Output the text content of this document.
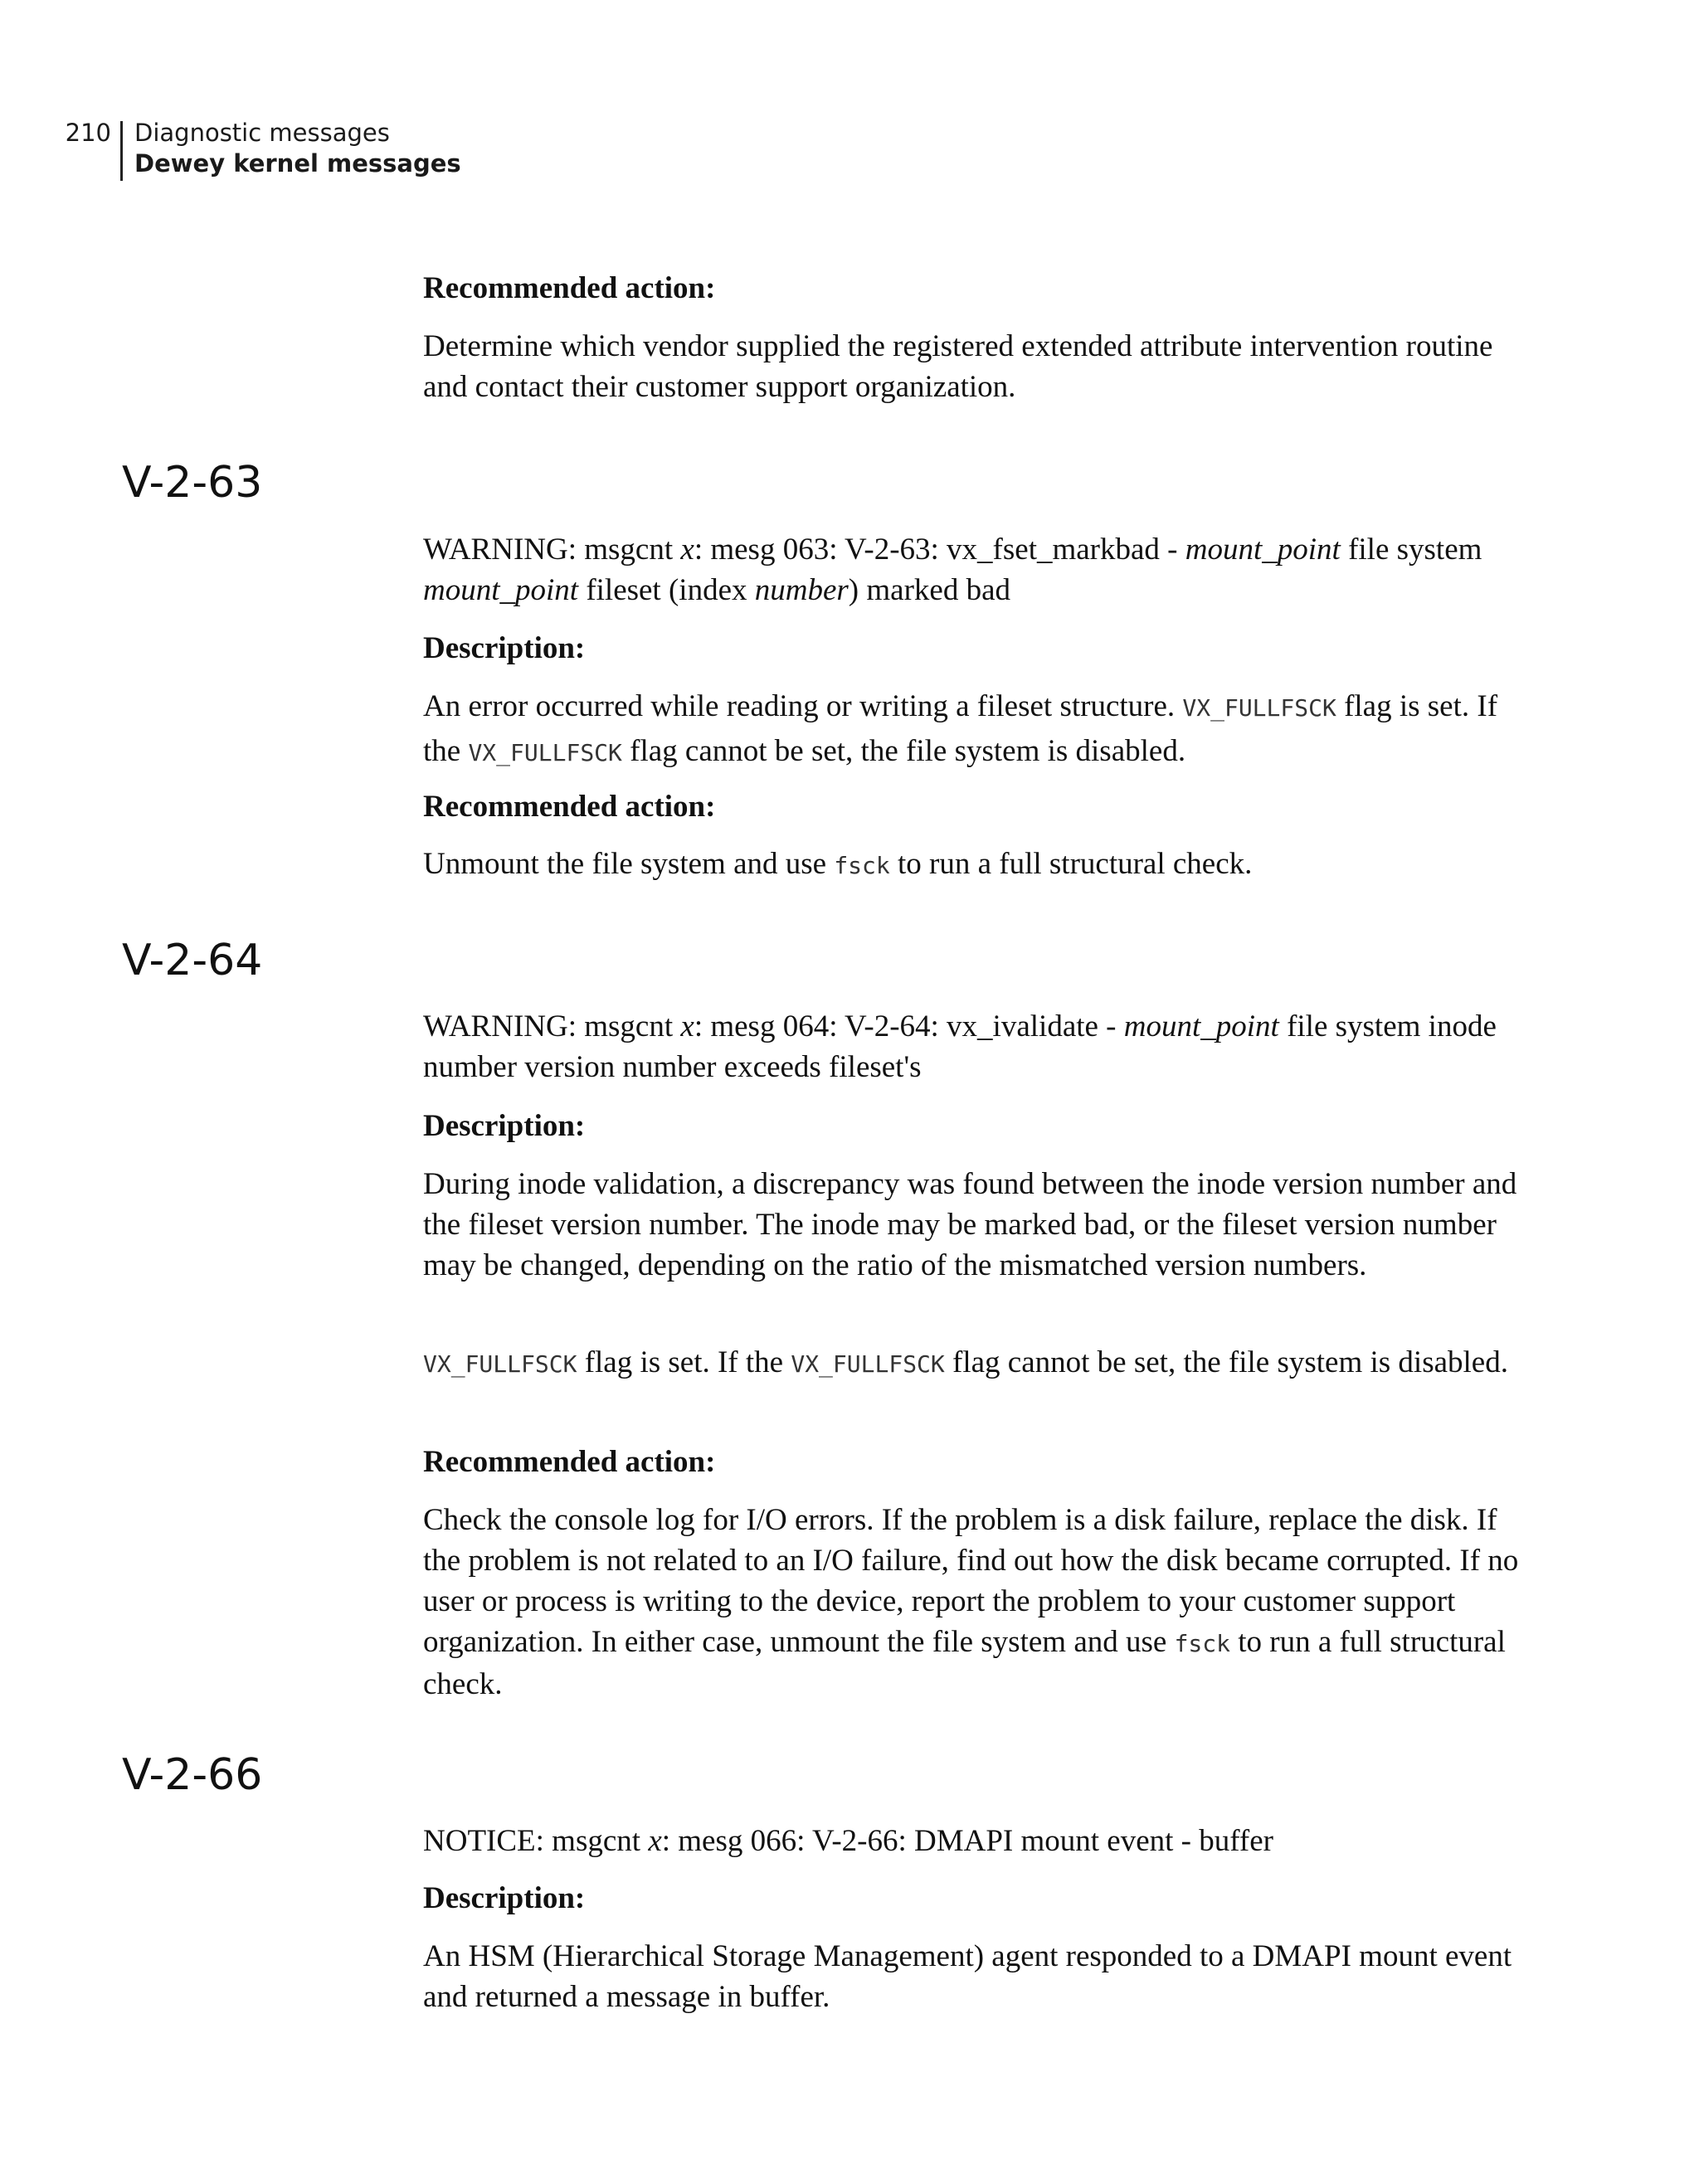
210 Diagnostic messages
Dewey kernel messages

Recommended action:

Determine which vendor supplied the registered extended attribute intervention routine and contact their customer support organization.

V-2-63

WARNING: msgcnt x: mesg 063: V-2-63: vx_fset_markbad - mount_point file system mount_point fileset (index number) marked bad

Description:

An error occurred while reading or writing a fileset structure. VX_FULLFSCK flag is set. If the VX_FULLFSCK flag cannot be set, the file system is disabled.

Recommended action:

Unmount the file system and use fsck to run a full structural check.

V-2-64

WARNING: msgcnt x: mesg 064: V-2-64: vx_ivalidate - mount_point file system inode number version number exceeds fileset's

Description:

During inode validation, a discrepancy was found between the inode version number and the fileset version number. The inode may be marked bad, or the fileset version number may be changed, depending on the ratio of the mismatched version numbers.

VX_FULLFSCK flag is set. If the VX_FULLFSCK flag cannot be set, the file system is disabled.

Recommended action:

Check the console log for I/O errors. If the problem is a disk failure, replace the disk. If the problem is not related to an I/O failure, find out how the disk became corrupted. If no user or process is writing to the device, report the problem to your customer support organization. In either case, unmount the file system and use fsck to run a full structural check.

V-2-66

NOTICE: msgcnt x: mesg 066: V-2-66: DMAPI mount event - buffer

Description:

An HSM (Hierarchical Storage Management) agent responded to a DMAPI mount event and returned a message in buffer.
